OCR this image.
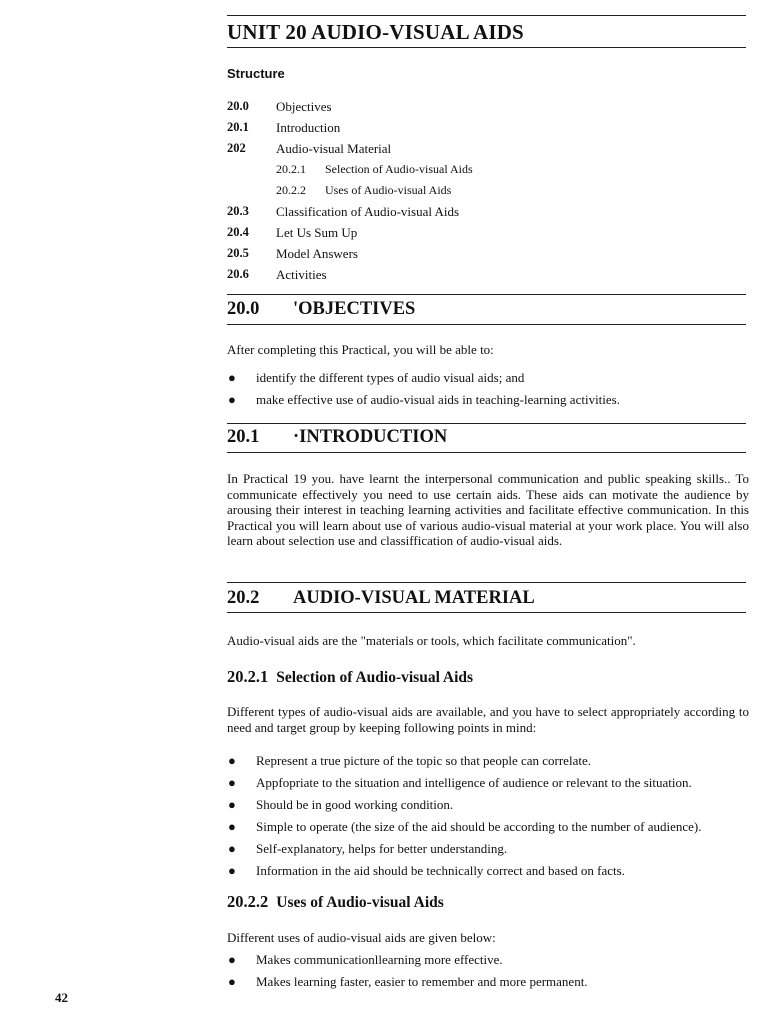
UNIT 20 AUDIO-VISUAL AIDS
Structure
20.0 Objectives
20.1 Introduction
202 Audio-visual Material
20.2.1 Selection of Audio-visual Aids
20.2.2 Uses of Audio-visual Aids
20.3 Classification of Audio-visual Aids
20.4 Let Us Sum Up
20.5 Model Answers
20.6 Activities
20.0 'OBJECTIVES
After completing this Practical, you will be able to:
● identify the different types of audio visual aids; and
● make effective use of audio-visual aids in teaching-learning activities.
20.1 ·INTRODUCTION
In Practical 19 you. have learnt the interpersonal communication and public speaking skills.. To communicate effectively you need to use certain aids. These aids can motivate the audience by arousing their interest in teaching learning activities and facilitate effective communication. In this Practical you will learn about use of various audio-visual material at your work place. You will also learn about selection use and classiffication of audio-visual aids.
20.2 AUDIO-VISUAL MATERIAL
Audio-visual aids are the "materials or tools, which facilitate communication".
20.2.1 Selection of Audio-visual Aids
Different types of audio-visual aids are available, and you have to select appropriately according to need and target group by keeping following points in mind:
● Represent a true picture of the topic so that people can correlate.
● Appfopriate to the situation and intelligence of audience or relevant to the situation.
● Should be in good working condition.
● Simple to operate (the size of the aid should be according to the number of audience).
● Self-explanatory, helps for better understanding.
● Information in the aid should be technically correct and based on facts.
20.2.2 Uses of Audio-visual Aids
Different uses of audio-visual aids are given below:
● Makes communicationllearning more effective.
● Makes learning faster, easier to remember and more permanent.
42
